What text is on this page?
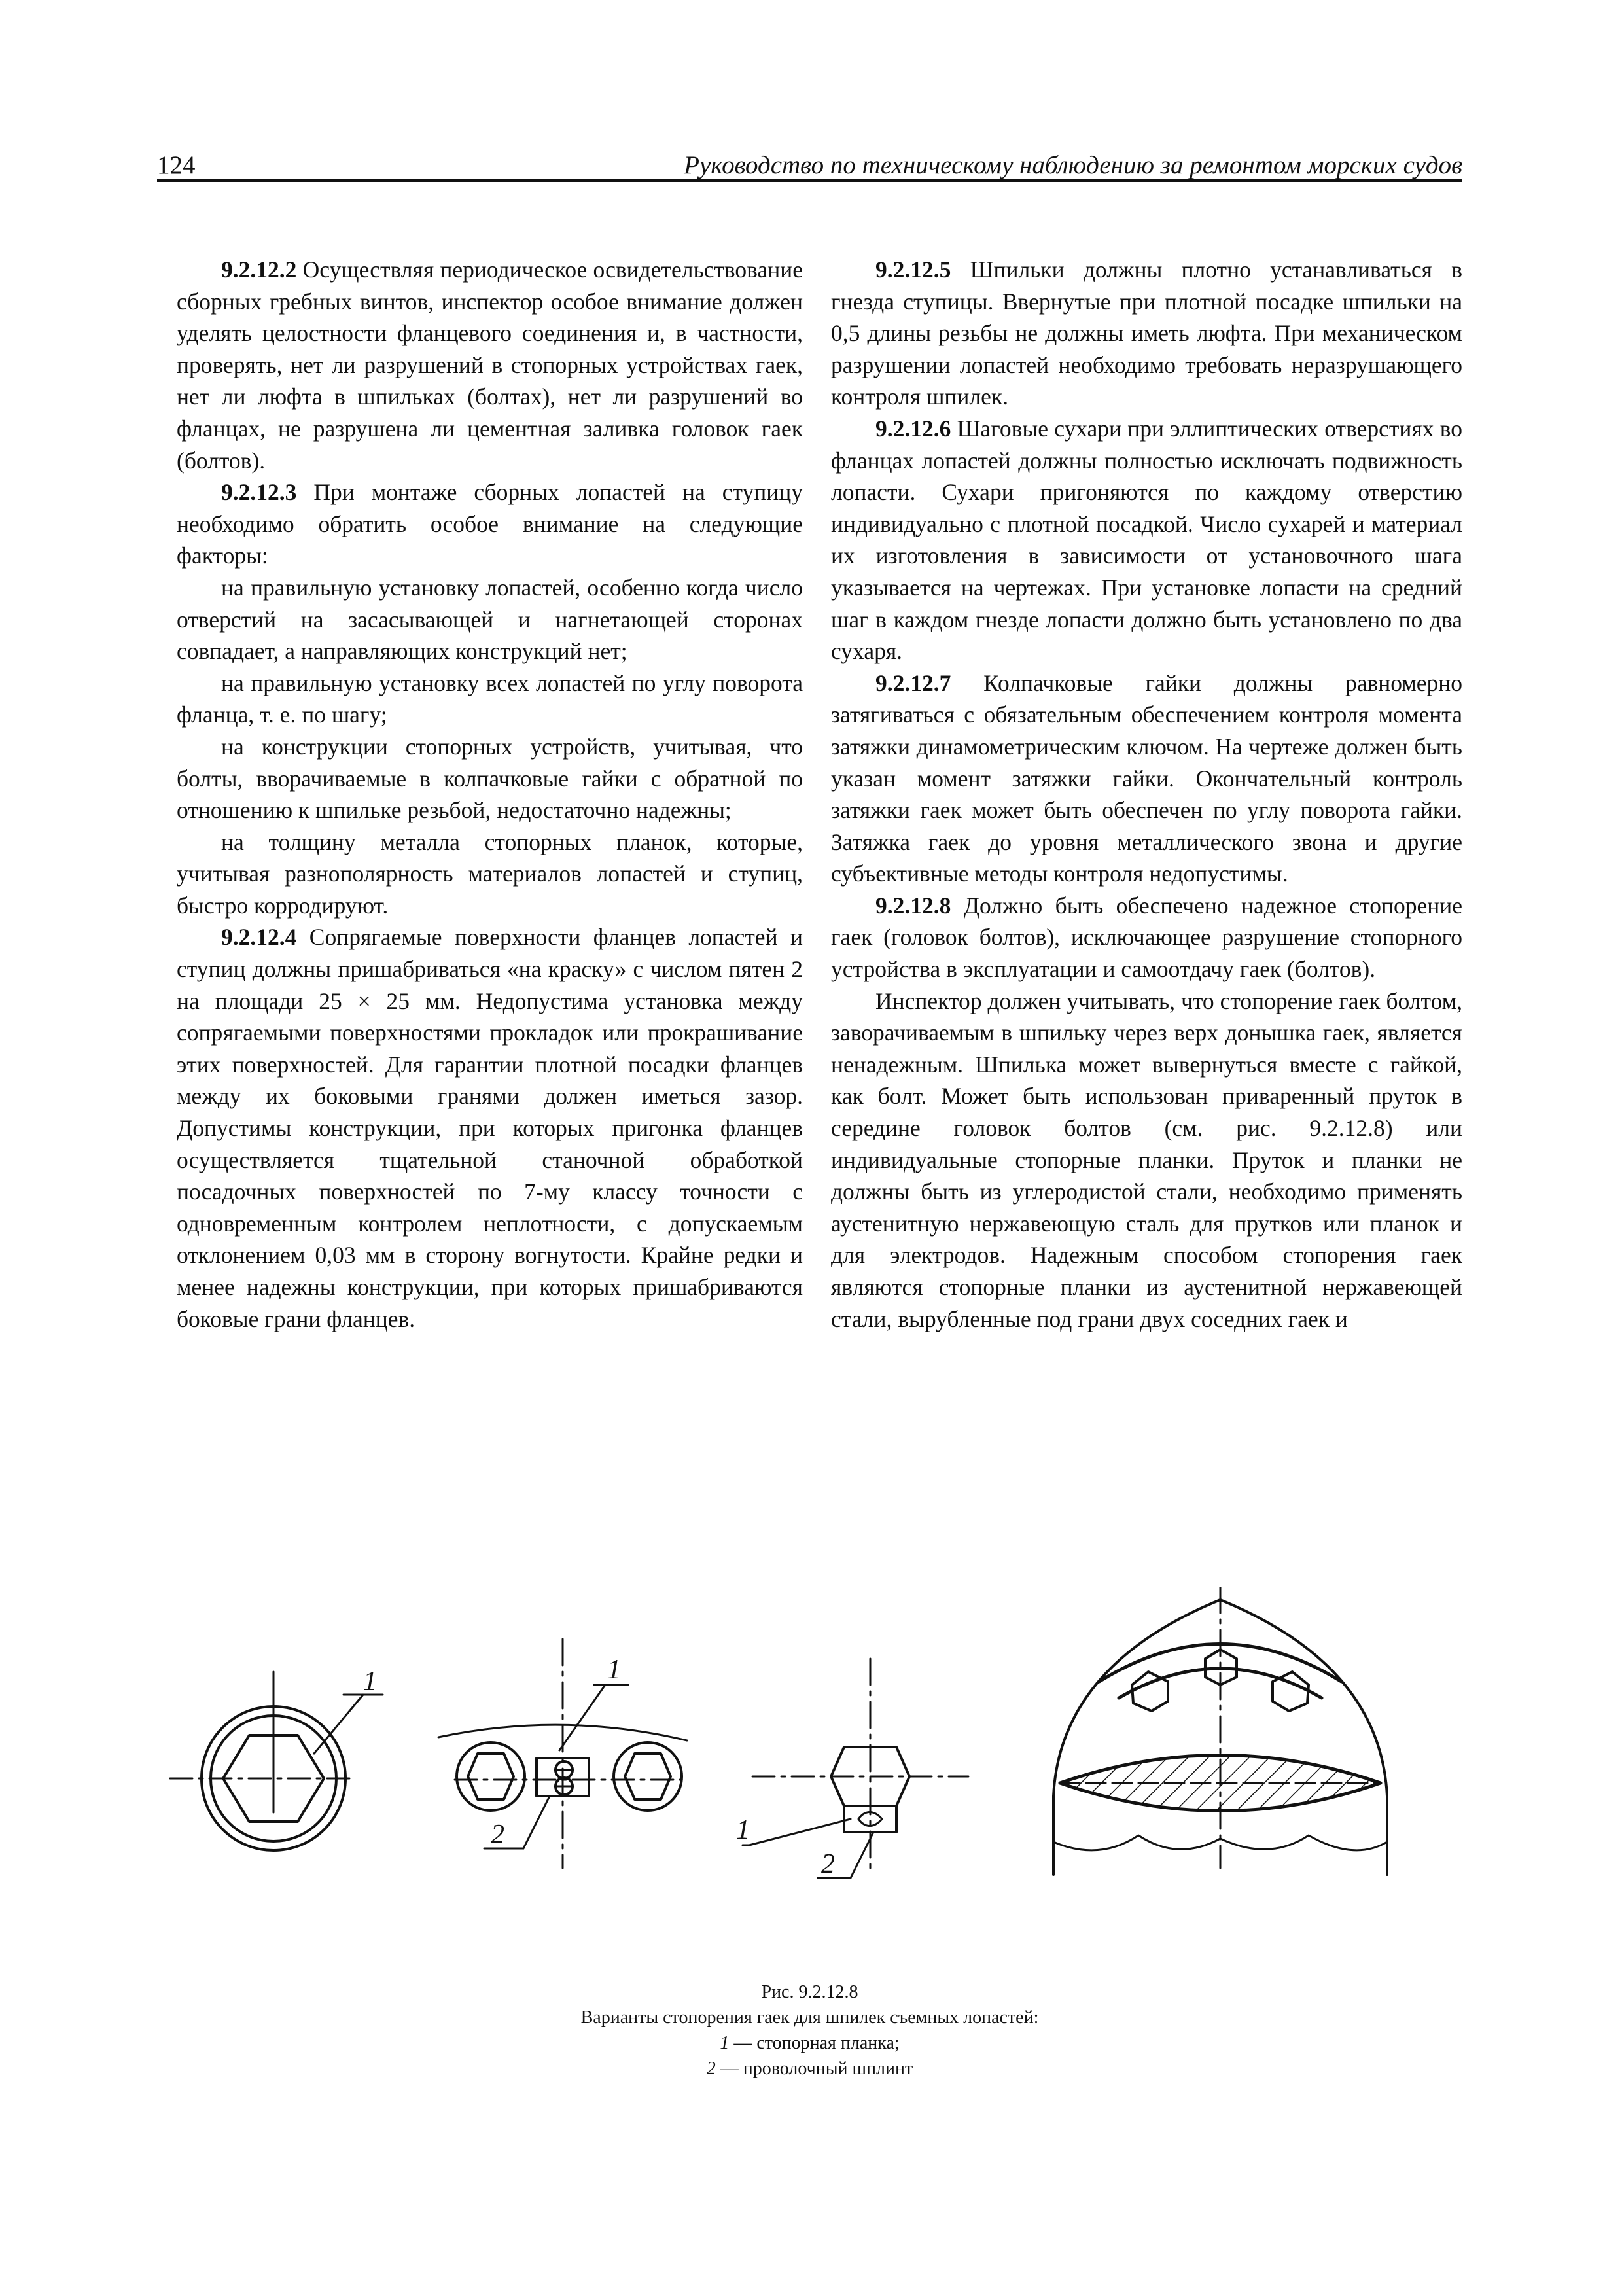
124	Руководство по техническому наблюдению за ремонтом морских судов

9.2.12.2 Осуществляя периодическое освидетельствование сборных гребных винтов, инспектор особое внимание должен уделять целостности фланцевого соединения и, в частности, проверять, нет ли разрушений в стопорных устройствах гаек, нет ли люфта в шпильках (болтах), нет ли разрушений во фланцах, не разрушена ли цементная заливка головок гаек (болтов).

9.2.12.3 При монтаже сборных лопастей на ступицу необходимо обратить особое внимание на следующие факторы:

на правильную установку лопастей, особенно когда число отверстий на засасывающей и нагнетающей сторонах совпадает, а направляющих конструкций нет;

на правильную установку всех лопастей по углу поворота фланца, т. е. по шагу;

на конструкции стопорных устройств, учитывая, что болты, вворачиваемые в колпачковые гайки с обратной по отношению к шпильке резьбой, недостаточно надежны;

на толщину металла стопорных планок, которые, учитывая разнополярность материалов лопастей и ступиц, быстро корродируют.

9.2.12.4 Сопрягаемые поверхности фланцев лопастей и ступиц должны пришабриваться «на краску» с числом пятен 2 на площади 25 × 25 мм. Недопустима установка между сопрягаемыми поверхностями прокладок или прокрашивание этих поверхностей. Для гарантии плотной посадки фланцев между их боковыми гранями должен иметься зазор. Допустимы конструкции, при которых пригонка фланцев осуществляется тщательной станочной обработкой посадочных поверхностей по 7-му классу точности с одновременным контролем неплотности, с допускаемым отклонением 0,03 мм в сторону вогнутости. Крайне редки и менее надежны конструкции, при которых пришабриваются боковые грани фланцев.

9.2.12.5 Шпильки должны плотно устанавливаться в гнезда ступицы. Ввернутые при плотной посадке шпильки на 0,5 длины резьбы не должны иметь люфта. При механическом разрушении лопастей необходимо требовать неразрушающего контроля шпилек.

9.2.12.6 Шаговые сухари при эллиптических отверстиях во фланцах лопастей должны полностью исключать подвижность лопасти. Сухари пригоняются по каждому отверстию индивидуально с плотной посадкой. Число сухарей и материал их изготовления в зависимости от установочного шага указывается на чертежах. При установке лопасти на средний шаг в каждом гнезде лопасти должно быть установлено по два сухаря.

9.2.12.7 Колпачковые гайки должны равномерно затягиваться с обязательным обеспечением контроля момента затяжки динамометрическим ключом. На чертеже должен быть указан момент затяжки гайки. Окончательный контроль затяжки гаек может быть обеспечен по углу поворота гайки. Затяжка гаек до уровня металлического звона и другие субъективные методы контроля недопустимы.

9.2.12.8 Должно быть обеспечено надежное стопорение гаек (головок болтов), исключающее разрушение стопорного устройства в эксплуатации и самоотдачу гаек (болтов).

Инспектор должен учитывать, что стопорение гаек болтом, заворачиваемым в шпильку через верх донышка гаек, является ненадежным. Шпилька может вывернуться вместе с гайкой, как болт. Может быть использован приваренный пруток в середине головок болтов (см. рис. 9.2.12.8) или индивидуальные стопорные планки. Пруток и планки не должны быть из углеродистой стали, необходимо применять аустенитную нержавеющую сталь для прутков или планок и для электродов. Надежным способом стопорения гаек являются стопорные планки из аустенитной нержавеющей стали, вырубленные под грани двух соседних гаек и

1	1
2	1
2
Рис. 9.2.12.8
Варианты стопорения гаек для шпилек съемных лопастей:
1 — стопорная планка;
2 — проволочный шплинт
